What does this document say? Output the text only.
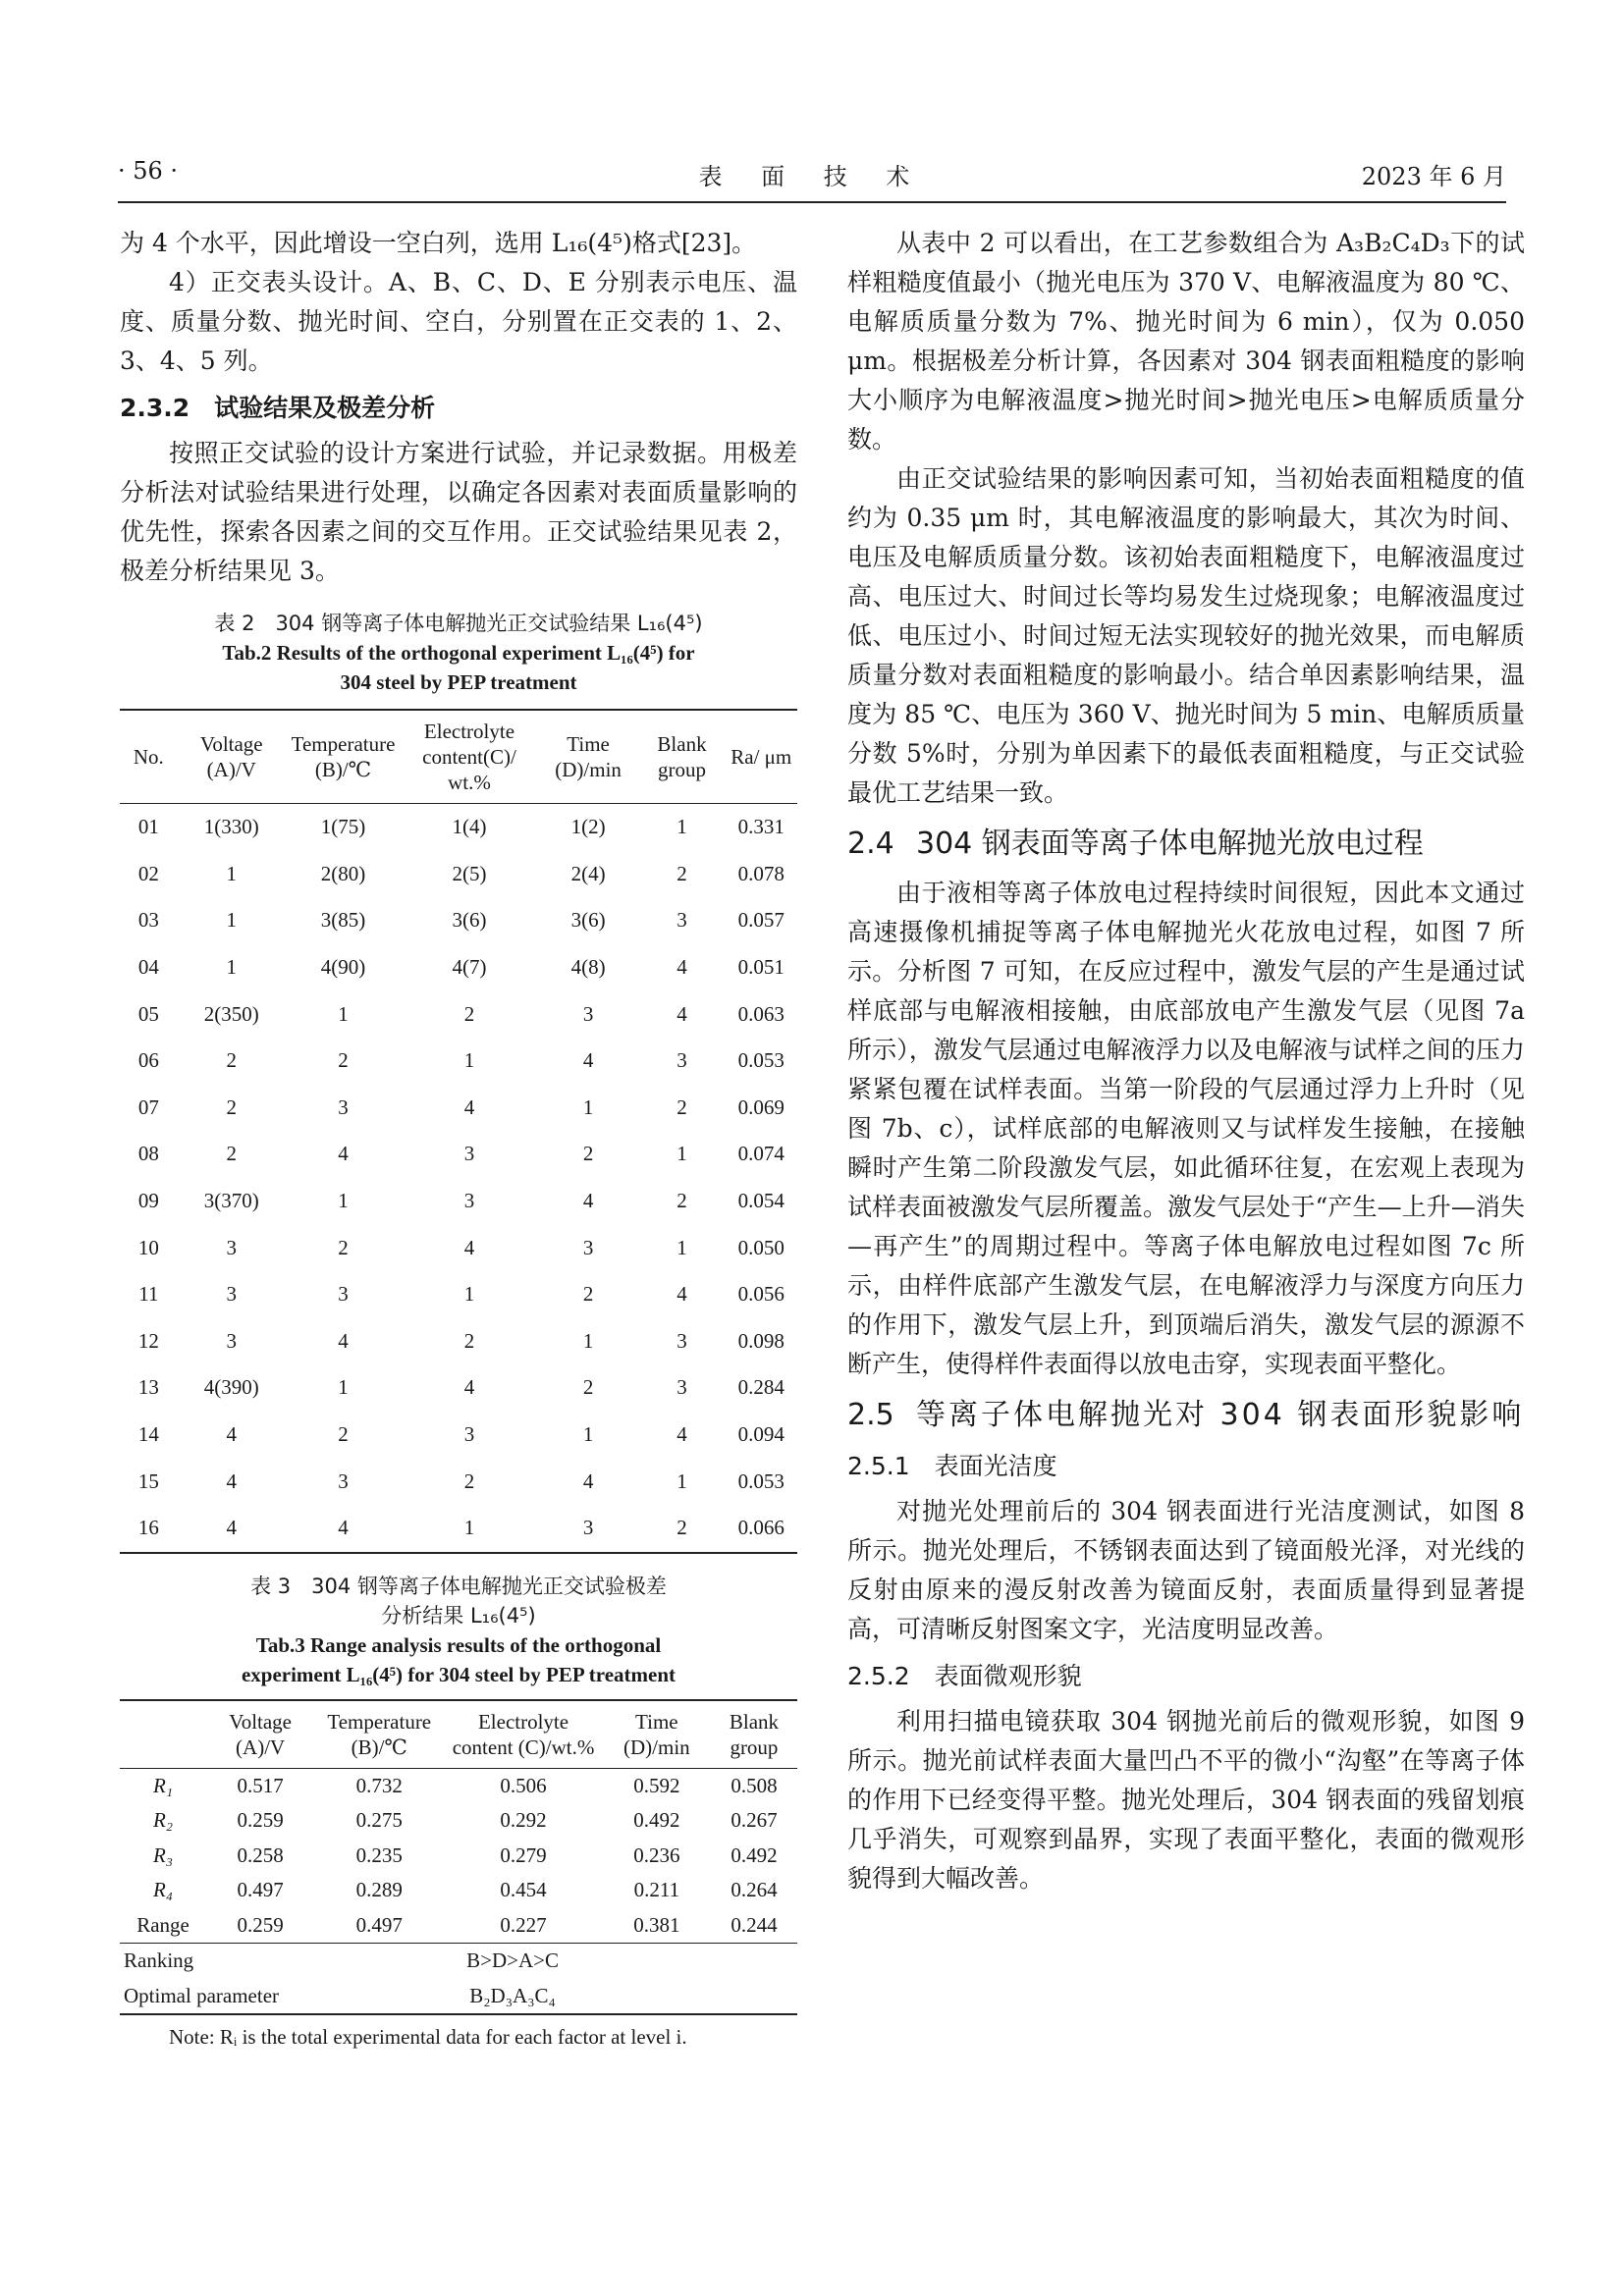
· 56 ·	表 面 技 术	2023 年 6 月

为 4 个水平，因此增设一空白列，选用 L₁₆(4⁵)格式[23]。

4）正交表头设计。A、B、C、D、E 分别表示电压、温度、质量分数、抛光时间、空白，分别置在正交表的 1、2、3、4、5 列。

2.3.2　试验结果及极差分析

按照正交试验的设计方案进行试验，并记录数据。用极差分析法对试验结果进行处理，以确定各因素对表面质量影响的优先性，探索各因素之间的交互作用。正交试验结果见表 2，极差分析结果见 3。

表 2　304 钢等离子体电解抛光正交试验结果 L₁₆(4⁵)

Tab.2 Results of the orthogonal experiment L₁₆(4⁵) for

304 steel by PEP treatment

No.	Voltage (A)/V	Temperature (B)/℃	Electrolyte content(C)/ wt.%	Time (D)/min	Blank group	Ra/ μm
01	1(330)	1(75)	1(4)	1(2)	1	0.331
02	1	2(80)	2(5)	2(4)	2	0.078
03	1	3(85)	3(6)	3(6)	3	0.057
04	1	4(90)	4(7)	4(8)	4	0.051
05	2(350)	1	2	3	4	0.063
06	2	2	1	4	3	0.053
07	2	3	4	1	2	0.069
08	2	4	3	2	1	0.074
09	3(370)	1	3	4	2	0.054
10	3	2	4	3	1	0.050
11	3	3	1	2	4	0.056
12	3	4	2	1	3	0.098
13	4(390)	1	4	2	3	0.284
14	4	2	3	1	4	0.094
15	4	3	2	4	1	0.053
16	4	4	1	3	2	0.066

表 3　304 钢等离子体电解抛光正交试验极差

分析结果 L₁₆(4⁵)

Tab.3 Range analysis results of the orthogonal

experiment L₁₆(4⁵) for 304 steel by PEP treatment

	Voltage (A)/V	Temperature (B)/℃	Electrolyte content (C)/wt.%	Time (D)/min	Blank group
R₁	0.517	0.732	0.506	0.592	0.508
R₂	0.259	0.275	0.292	0.492	0.267
R₃	0.258	0.235	0.279	0.236	0.492
R₄	0.497	0.289	0.454	0.211	0.264
Range	0.259	0.497	0.227	0.381	0.244
Ranking		B>D>A>C			
Optimal parameter		B₂D₃A₃C₄			
Note: Rᵢ is the total experimental data for each factor at level i.

从表中 2 可以看出，在工艺参数组合为 A₃B₂C₄D₃下的试样粗糙度值最小（抛光电压为 370 V、电解液温度为 80 ℃、电解质质量分数为 7%、抛光时间为 6 min），仅为 0.050 μm。根据极差分析计算，各因素对 304 钢表面粗糙度的影响大小顺序为电解液温度>抛光时间>抛光电压>电解质质量分数。

由正交试验结果的影响因素可知，当初始表面粗糙度的值约为 0.35 μm 时，其电解液温度的影响最大，其次为时间、电压及电解质质量分数。该初始表面粗糙度下，电解液温度过高、电压过大、时间过长等均易发生过烧现象；电解液温度过低、电压过小、时间过短无法实现较好的抛光效果，而电解质质量分数对表面粗糙度的影响最小。结合单因素影响结果，温度为 85 ℃、电压为 360 V、抛光时间为 5 min、电解质质量分数 5%时，分别为单因素下的最低表面粗糙度，与正交试验最优工艺结果一致。

2.4 304 钢表面等离子体电解抛光放电过程

由于液相等离子体放电过程持续时间很短，因此本文通过高速摄像机捕捉等离子体电解抛光火花放电过程，如图 7 所示。分析图 7 可知，在反应过程中，激发气层的产生是通过试样底部与电解液相接触，由底部放电产生激发气层（见图 7a 所示），激发气层通过电解液浮力以及电解液与试样之间的压力紧紧包覆在试样表面。当第一阶段的气层通过浮力上升时（见图 7b、c），试样底部的电解液则又与试样发生接触，在接触瞬时产生第二阶段激发气层，如此循环往复，在宏观上表现为试样表面被激发气层所覆盖。激发气层处于“产生—上升—消失—再产生”的周期过程中。等离子体电解放电过程如图 7c 所示，由样件底部产生激发气层，在电解液浮力与深度方向压力的作用下，激发气层上升，到顶端后消失，激发气层的源源不断产生，使得样件表面得以放电击穿，实现表面平整化。

2.5 等离子体电解抛光对 304 钢表面形貌影响
2.5.1　表面光洁度

对抛光处理前后的 304 钢表面进行光洁度测试，如图 8 所示。抛光处理后，不锈钢表面达到了镜面般光泽，对光线的反射由原来的漫反射改善为镜面反射，表面质量得到显著提高，可清晰反射图案文字，光洁度明显改善。

2.5.2　表面微观形貌

利用扫描电镜获取 304 钢抛光前后的微观形貌，如图 9 所示。抛光前试样表面大量凹凸不平的微小“沟壑”在等离子体的作用下已经变得平整。抛光处理后，304 钢表面的残留划痕几乎消失，可观察到晶界，实现了表面平整化，表面的微观形貌得到大幅改善。
